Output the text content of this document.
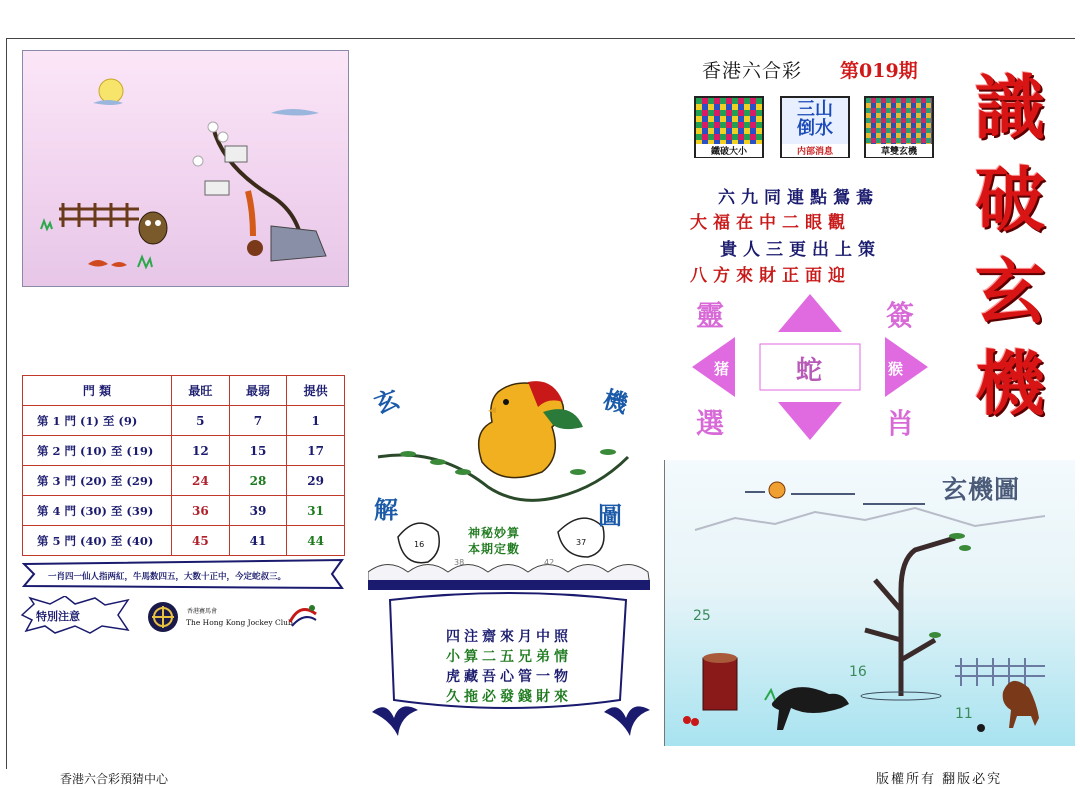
門 類	最旺	最弱	提供
第 1 門 (1) 至 (9)	5	7	1
第 2 門 (10) 至 (19)	12	15	17
第 3 門 (20) 至 (29)	24	28	29
第 4 門 (30) 至 (39)	36	39	31
第 5 門 (40) 至 (40)	45	41	44
一肖四一仙人指两紅，牛馬数四五，大数十正中，今定蛇叔三。
特別注意	香港賽馬會
The Hong Kong Jockey Club
玄	機
解	圖
16	37
38	42
神秘妙算
本期定數
四注齋來月中照
小算二五兄弟情
虎藏吾心管一物
久拖必發錢財來
香港六合彩 第019期
鐵破大小
三山
倒水
内部消息	草雙玄機
六九同連點鴛鴦
大福在中二眼觀
貴人三更出上策
八方來財正面迎
靈	簽
選	肖
猪	猴
蛇
識
破
玄
機
25
16
11
玄機圖
香港六合彩預猜中心	版權所有 翻版必究
